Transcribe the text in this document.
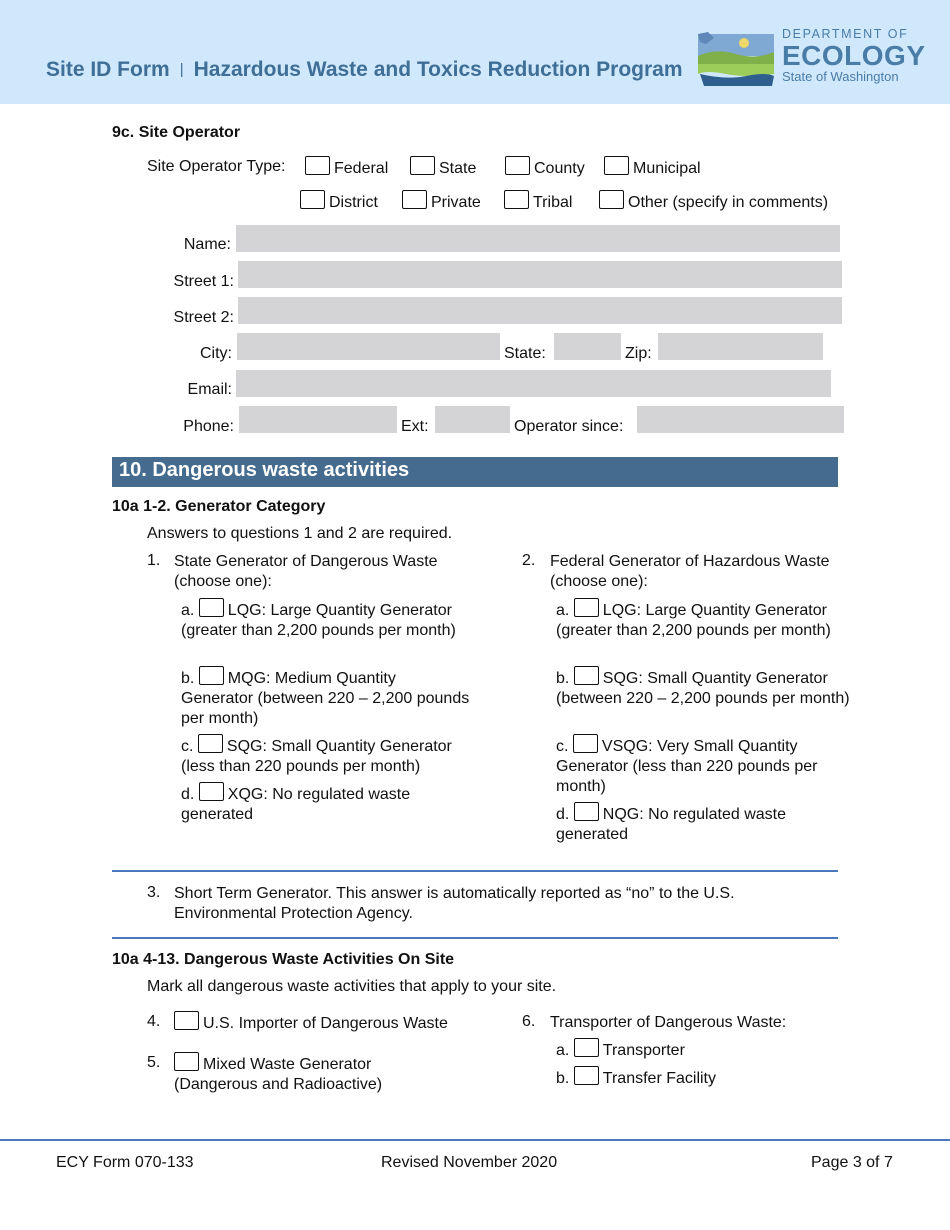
Site ID Form | Hazardous Waste and Toxics Reduction Program
DEPARTMENT OF
ECOLOGY
State of Washington
9c. Site Operator
Site Operator Type:	Federal	State	County	Municipal
District	Private	Tribal	Other (specify in comments)
Name:
Street 1:
Street 2:
City:	State:	Zip:
Email:
Phone:	Ext:	Operator since:
10. Dangerous waste activities
10a 1-2. Generator Category
Answers to questions 1 and 2 are required.
1. State Generator of Dangerous Waste (choose one):
a. LQG: Large Quantity Generator (greater than 2,200 pounds per month)
b. MQG: Medium Quantity Generator (between 220 – 2,200 pounds per month)
c. SQG: Small Quantity Generator (less than 220 pounds per month)
d. XQG: No regulated waste generated
2. Federal Generator of Hazardous Waste (choose one):
a. LQG: Large Quantity Generator (greater than 2,200 pounds per month)
b. SQG: Small Quantity Generator (between 220 – 2,200 pounds per month)
c. VSQG: Very Small Quantity Generator (less than 220 pounds per month)
d. NQG: No regulated waste generated
3. Short Term Generator. This answer is automatically reported as “no” to the U.S. Environmental Protection Agency.
10a 4-13. Dangerous Waste Activities On Site
Mark all dangerous waste activities that apply to your site.
4.	U.S. Importer of Dangerous Waste
5.	Mixed Waste Generator (Dangerous and Radioactive)
6. Transporter of Dangerous Waste:
a. Transporter
b. Transfer Facility
ECY Form 070-133	Revised November 2020	Page 3 of 7
